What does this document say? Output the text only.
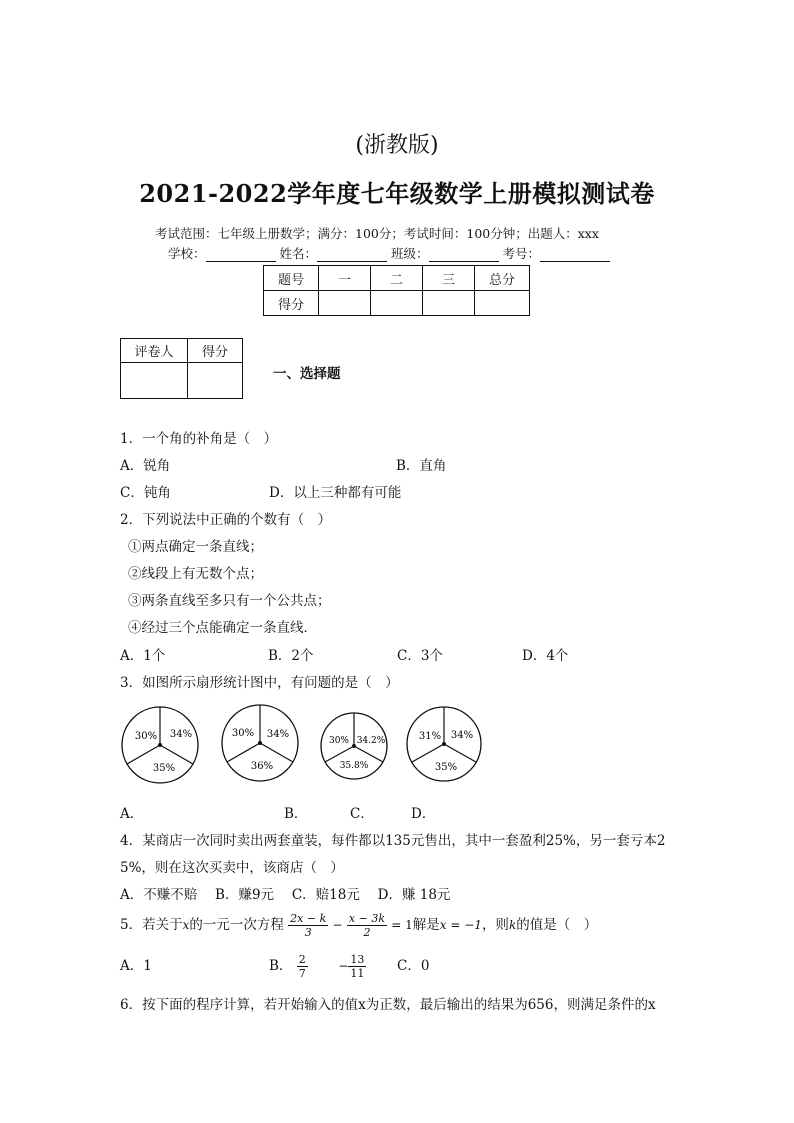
(浙教版)
2021-2022学年度七年级数学上册模拟测试卷
考试范围：七年级上册数学；满分：100分；考试时间：100分钟；出题人：xxx
学校：	姓名：	班级：	考号：
题号	一	二	三	总分
得分				
评卷人	得分

一、选择题
1．一个角的补角是（　）
A．锐角	B．直角
C．钝角	D．以上三种都有可能
2．下列说法中正确的个数有（　）
①两点确定一条直线；
②线段上有无数个点；
③两条直线至多只有一个公共点；
④经过三个点能确定一条直线．
A．1个	B．2个	C．3个	D．4个
3．如图所示扇形统计图中，有问题的是（　）
30% 34%
35%
30% 34%
36%
30% 34.2%
35.8%
31% 34%
35%
A．	B．	C．	D．
4．某商店一次同时卖出两套童装，每件都以135元售出，其中一套盈利25%，另一套亏本2
5%，则在这次买卖中，该商店（　）
A．不赚不赔　 B．赚9元　 C．赔18元　 D．赚 18元
5．若关于x的一元一次方程 $\frac{2x - k}{3} - \frac{x - 3k}{2} = 1$解是x = −1，则k的值是（　）
A．1	B． $\frac{2}{7}$	− $\frac{13}{11}$ C．0
6．按下面的程序计算，若开始输入的值x为正数，最后输出的结果为656，则满足条件的x
